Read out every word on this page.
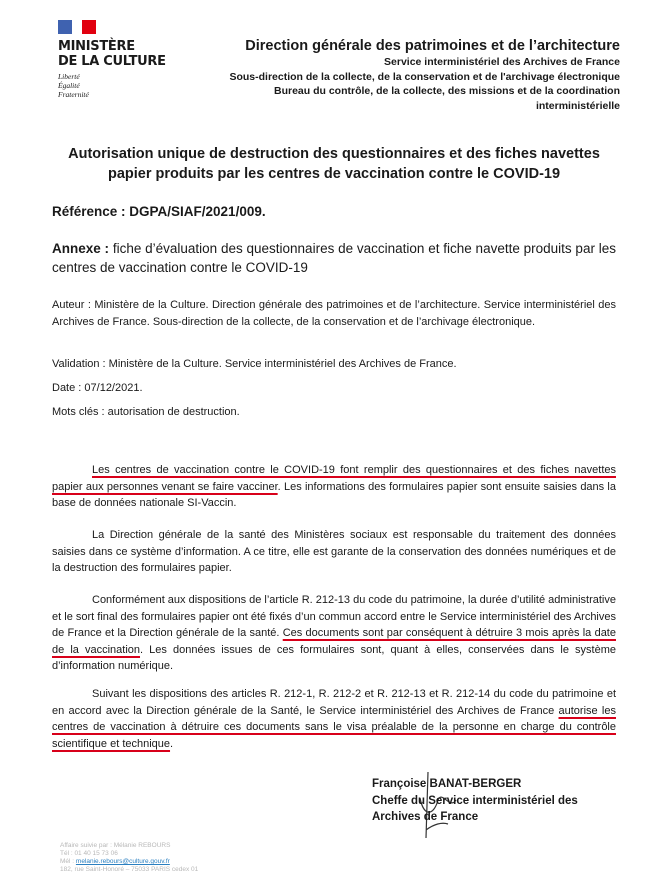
MINISTÈRE
DE LA CULTURE
Liberté
Égalité
Fraternité
Direction générale des patrimoines et de l’architecture
Service interministériel des Archives de France
Sous-direction de la collecte, de la conservation et de l'archivage électronique
Bureau du contrôle, de la collecte, des missions et de la coordination
interministérielle
Autorisation unique de destruction des questionnaires et des fiches navettes papier produits par les centres de vaccination contre le COVID-19
Référence : DGPA/SIAF/2021/009.
Annexe : fiche d’évaluation des questionnaires de vaccination et fiche navette produits par les centres de vaccination contre le COVID-19
Auteur : Ministère de la Culture. Direction générale des patrimoines et de l’architecture. Service interministériel des Archives de France. Sous-direction de la collecte, de la conservation et de l’archivage électronique.
Validation : Ministère de la Culture. Service interministériel des Archives de France.
Date : 07/12/2021.
Mots clés : autorisation de destruction.

Les centres de vaccination contre le COVID-19 font remplir des questionnaires et des fiches navettes papier aux personnes venant se faire vacciner. Les informations des formulaires papier sont ensuite saisies dans la base de données nationale SI-Vaccin.

La Direction générale de la santé des Ministères sociaux est responsable du traitement des données saisies dans ce système d’information. A ce titre, elle est garante de la conservation des données numériques et de la destruction des formulaires papier.

Conformément aux dispositions de l’article R. 212-13 du code du patrimoine, la durée d’utilité administrative et le sort final des formulaires papier ont été fixés d’un commun accord entre le Service interministériel des Archives de France et la Direction générale de la santé. Ces documents sont par conséquent à détruire 3 mois après la date de la vaccination. Les données issues de ces formulaires sont, quant à elles, conservées dans le système d’information numérique.

Suivant les dispositions des articles R. 212-1, R. 212-2 et R. 212-13 et R. 212-14 du code du patrimoine et en accord avec la Direction générale de la Santé, le Service interministériel des Archives de France autorise les centres de vaccination à détruire ces documents sans le visa préalable de la personne en charge du contrôle scientifique et technique.

Françoise BANAT-BERGER
Cheffe du Service interministériel des
Archives de France
Affaire suivie par : Mélanie REBOURS
Tél : 01 40 15 73 06
Mél : melanie.rebours@culture.gouv.fr
182, rue Saint-Honoré – 75033 PARIS cedex 01
